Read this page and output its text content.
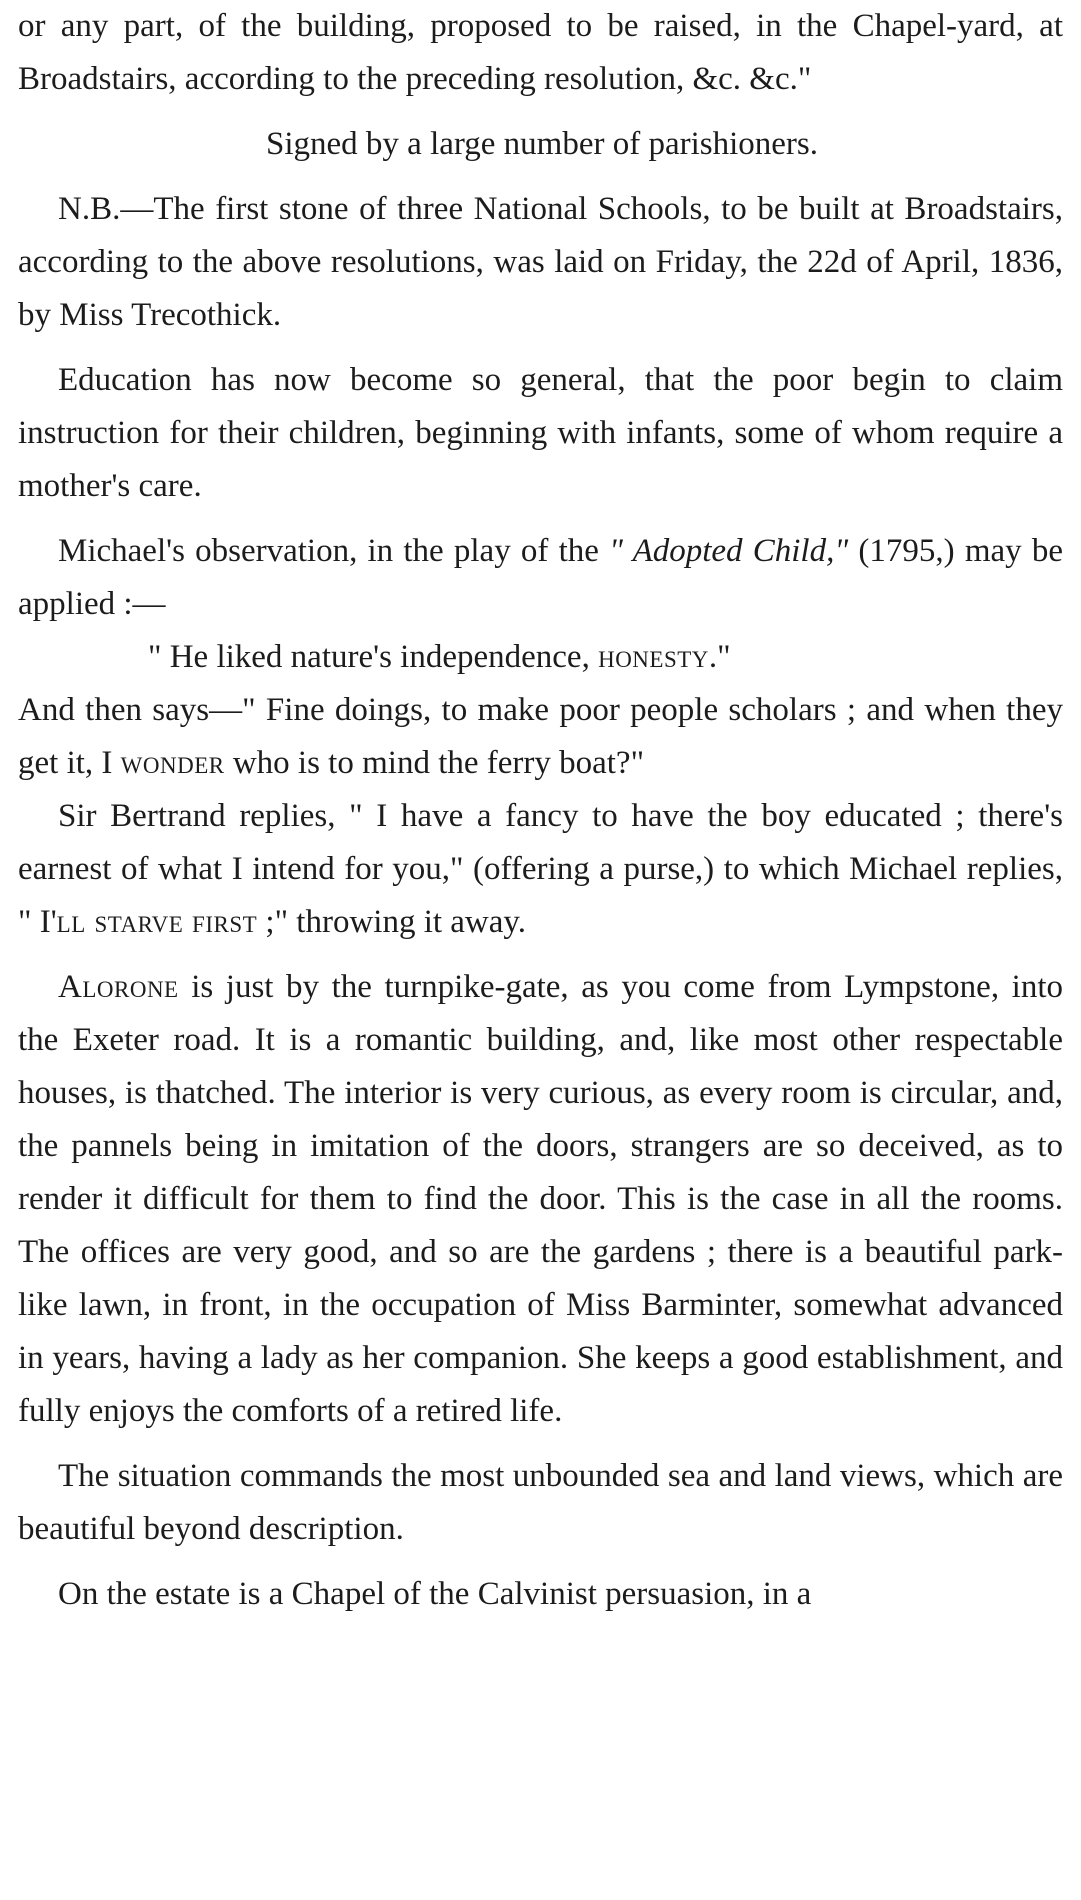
or any part, of the building, proposed to be raised, in the Chapel-yard, at Broadstairs, according to the preceding resolution, &c. &c."

Signed by a large number of parishioners.

N.B.—The first stone of three National Schools, to be built at Broadstairs, according to the above resolutions, was laid on Friday, the 22d of April, 1836, by Miss Trecothick.

Education has now become so general, that the poor begin to claim instruction for their children, beginning with infants, some of whom require a mother's care.

Michael's observation, in the play of the " Adopted Child," (1795,) may be applied :—

" He liked nature's independence, honesty."

And then says—" Fine doings, to make poor people scholars ; and when they get it, I wonder who is to mind the ferry boat?"

Sir Bertrand replies, " I have a fancy to have the boy educated ; there's earnest of what I intend for you," (offering a purse,) to which Michael replies, " I'll starve first ;" throwing it away.

Alorone is just by the turnpike-gate, as you come from Lympstone, into the Exeter road. It is a romantic building, and, like most other respectable houses, is thatched. The interior is very curious, as every room is circular, and, the pannels being in imitation of the doors, strangers are so deceived, as to render it difficult for them to find the door. This is the case in all the rooms. The offices are very good, and so are the gardens ; there is a beautiful park-like lawn, in front, in the occupation of Miss Barminter, somewhat advanced in years, having a lady as her companion. She keeps a good establishment, and fully enjoys the comforts of a retired life.

The situation commands the most unbounded sea and land views, which are beautiful beyond description.

On the estate is a Chapel of the Calvinist persuasion, in a
